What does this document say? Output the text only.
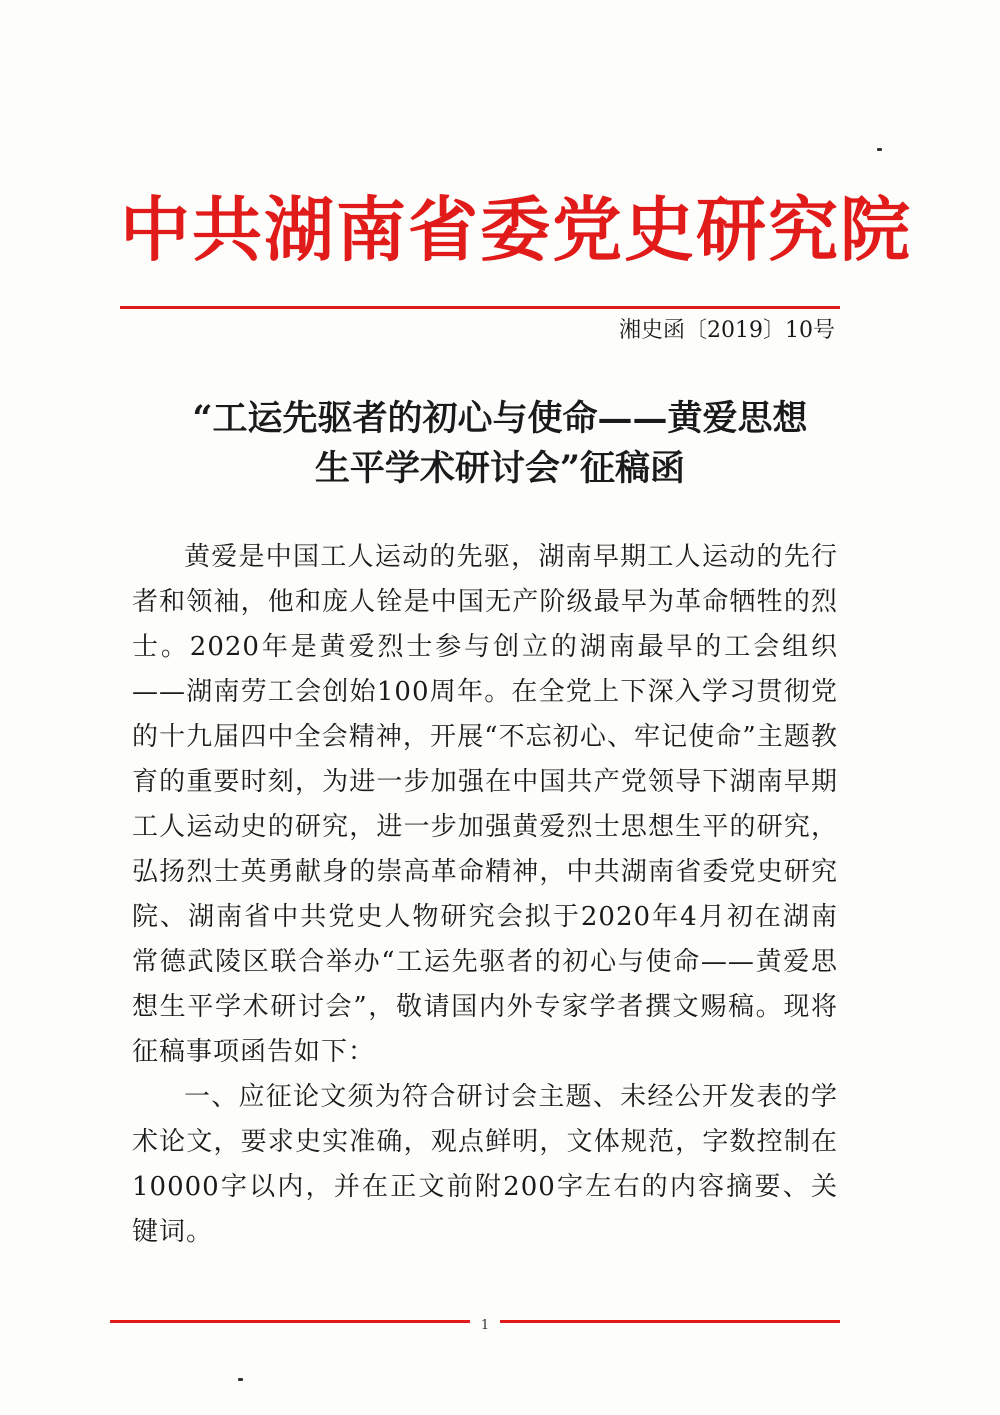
中共湖南省委党史研究院
湘史函〔2019〕10号
“工运先驱者的初心与使命——黄爱思想
生平学术研讨会”征稿函

黄爱是中国工人运动的先驱，湖南早期工人运动的先行者和领袖，他和庞人铨是中国无产阶级最早为革命牺牲的烈士。2020年是黄爱烈士参与创立的湖南最早的工会组织——湖南劳工会创始100周年。在全党上下深入学习贯彻党的十九届四中全会精神，开展“不忘初心、牢记使命”主题教育的重要时刻，为进一步加强在中国共产党领导下湖南早期工人运动史的研究，进一步加强黄爱烈士思想生平的研究，弘扬烈士英勇献身的崇高革命精神，中共湖南省委党史研究院、湖南省中共党史人物研究会拟于2020年4月初在湖南常德武陵区联合举办“工运先驱者的初心与使命——黄爱思想生平学术研讨会”，敬请国内外专家学者撰文赐稿。现将征稿事项函告如下：

一、应征论文须为符合研讨会主题、未经公开发表的学术论文，要求史实准确，观点鲜明，文体规范，字数控制在10000字以内，并在正文前附200字左右的内容摘要、关键词。

1
